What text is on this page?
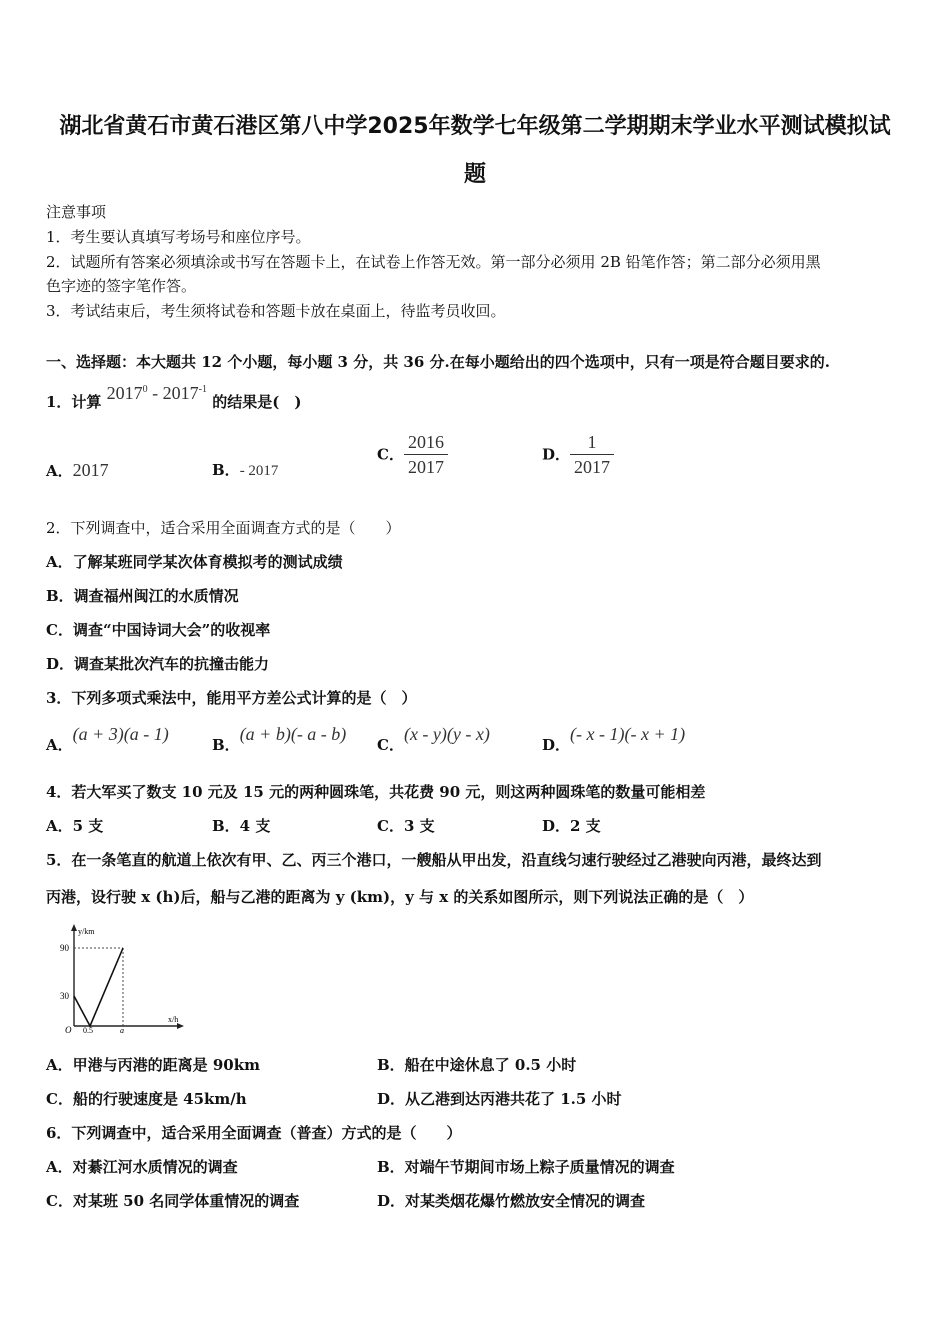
湖北省黄石市黄石港区第八中学2025年数学七年级第二学期期末学业水平测试模拟试
题
注意事项
1．考生要认真填写考场号和座位序号。
2．试题所有答案必须填涂或书写在答题卡上，在试卷上作答无效。第一部分必须用 2B 铅笔作答；第二部分必须用黑
色字迹的签字笔作答。
3．考试结束后，考生须将试卷和答题卡放在桌面上，待监考员收回。
一、选择题：本大题共 12 个小题，每小题 3 分，共 36 分.在每小题给出的四个选项中，只有一项是符合题目要求的.
1．计算 $2017^0 - 2017^{-1}$ 的结果是(　)
A．2017	B．- 2017
C． $\frac{2016}{2017}$	D． $\frac{1}{2017}$
2．下列调查中，适合采用全面调查方式的是（　　）
A．了解某班同学某次体育模拟考的测试成绩
B．调查福州闽江的水质情况
C．调查“中国诗词大会”的收视率
D．调查某批次汽车的抗撞击能力
3．下列多项式乘法中，能用平方差公式计算的是（　）
A．(a + 3)(a - 1)
B．(a + b)(- a - b)
C．(x - y)(y - x)
D．(- x - 1)(- x + 1)
4．若大军买了数支 10 元及 15 元的两种圆珠笔，共花费 90 元，则这两种圆珠笔的数量可能相差
A．5 支	B．4 支	C．3 支	D．2 支
5．在一条笔直的航道上依次有甲、乙、丙三个港口，一艘船从甲出发，沿直线匀速行驶经过乙港驶向丙港，最终达到
丙港，设行驶 x (h)后，船与乙港的距离为 y (km)，y 与 x 的关系如图所示，则下列说法正确的是（　）
y/km
x/h
90
30
O 0.5	a
A．甲港与丙港的距离是 90km	B．船在中途休息了 0.5 小时
C．船的行驶速度是 45km/h	D．从乙港到达丙港共花了 1.5 小时
6．下列调查中，适合采用全面调查（普查）方式的是（　　）
A．对綦江河水质情况的调查	B．对端午节期间市场上粽子质量情况的调查
C．对某班 50 名同学体重情况的调查	D．对某类烟花爆竹燃放安全情况的调查
